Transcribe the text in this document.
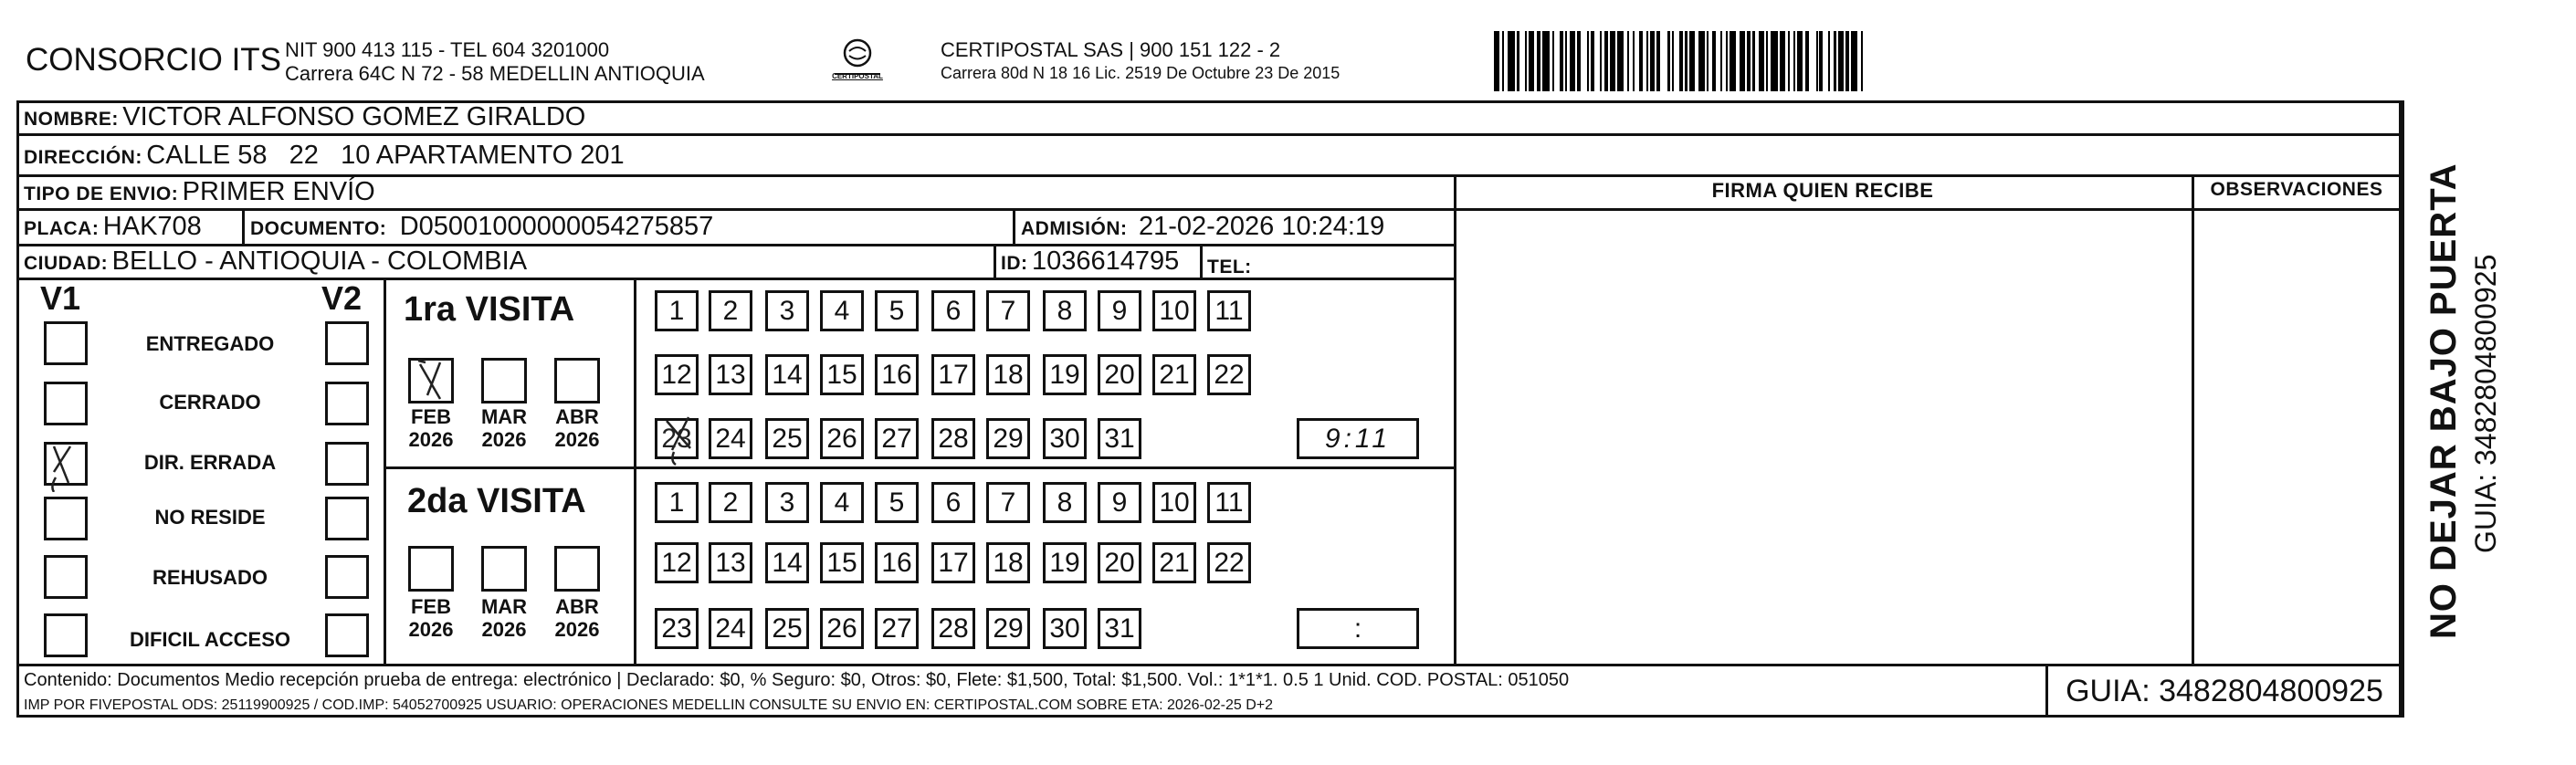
CONSORCIO ITS NIT 900 413 115 - TEL 604 3201000
Carrera 64C N 72 - 58 MEDELLIN ANTIOQUIA	CERTIPOSTAL
CERTIPOSTAL SAS | 900 151 122 - 2
Carrera 80d N 18 16 Lic. 2519 De Octubre 23 De 2015
NOMBRE: VICTOR ALFONSO GOMEZ GIRALDO
DIRECCIÓN: CALLE 58   22   10 APARTAMENTO 201
TIPO DE ENVIO: PRIMER ENVÍO
PLACA: HAK708	DOCUMENTO: D05001000000054275857	ADMISIÓN: 21-02-2026 10:24:19
CIUDAD: BELLO - ANTIOQUIA - COLOMBIA	ID: 1036614795 TEL:
FIRMA QUIEN RECIBE	OBSERVACIONES
V1	V2
ENTREGADO
CERRADO
DIR. ERRADA
NO RESIDE
REHUSADO
DIFICIL ACCESO
1ra VISITA
2da VISITA
FEB
2026
MAR
2026
ABR
2026
FEB
2026
MAR
2026
ABR
2026
1	2	3	4	5	6	7	8	9	10 11
12 13 14 15 16 17 18 19 20 21 22
23 24 25 26 27 28 29 30 31	9:11
1	2	3	4	5	6	7	8	9	10 11
12 13 14 15 16 17 18 19 20 21 22
23 24 25 26 27 28 29 30 31	:
Contenido: Documentos Medio recepción prueba de entrega: electrónico | Declarado: $0, % Seguro: $0, Otros: $0, Flete: $1,500, Total: $1,500. Vol.: 1*1*1. 0.5 1 Unid. COD. POSTAL: 051050
IMP POR FIVEPOSTAL ODS: 25119900925 / COD.IMP: 54052700925 USUARIO: OPERACIONES MEDELLIN CONSULTE SU ENVIO EN: CERTIPOSTAL.COM SOBRE ETA: 2026-02-25 D+2	GUIA: 3482804800925
NO DEJAR BAJO PUERTA GUIA: 3482804800925
